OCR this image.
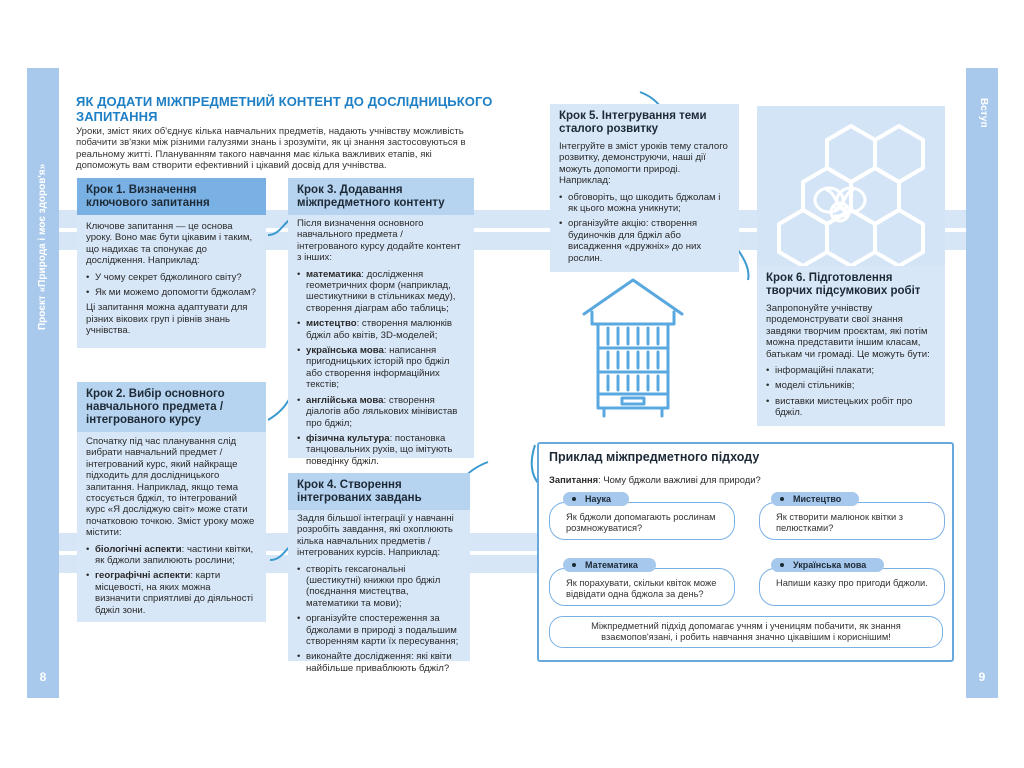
Проєкт «Природа і моє здоров'я»
8
Вступ
9
ЯК ДОДАТИ МІЖПРЕДМЕТНИЙ КОНТЕНТ ДО ДОСЛІДНИЦЬКОГО ЗАПИТАННЯ
Уроки, зміст яких об'єднує кілька навчальних предметів, надають учнівству можливість побачити зв'язки між різними галузями знань і зрозуміти, як ці знання застосовуються в реальному житті. Плануванням такого навчання має кілька важливих етапів, які допоможуть вам створити ефективний і цікавий досвід для учнівства.
Крок 1. Визначення ключового запитання

Ключове запитання — це основа уроку. Воно має бути цікавим і таким, що надихає та спонукає до дослідження. Наприклад:

• У чому секрет бджолиного світу?
• Як ми можемо допомогти бджолам?

Ці запитання можна адаптувати для різних вікових груп і рівнів знань учнівства.

Крок 2. Вибір основного навчального предмета / інтегрованого курсу

Спочатку під час планування слід вибрати навчальний предмет / інтегрований курс, який найкраще підходить для дослідницького запитання. Наприклад, якщо тема стосується бджіл, то інтегрований курс «Я досліджую світ» може стати початковою точкою. Зміст уроку може містити:

• біологічні аспекти: частини квітки, як бджоли запилюють рослини;
• географічні аспекти: карти місцевості, на яких можна визначити сприятливі до діяльності бджіл зони.
Крок 3. Додавання міжпредметного контенту

Після визначення основного навчального предмета / інтегрованого курсу додайте контент з інших:

• математика: дослідження геометричних форм (наприклад, шестикутники в стільниках меду), створення діаграм або таблиць;
• мистецтво: створення малюнків бджіл або квітів, 3D-моделей;
• українська мова: написання пригодницьких історій про бджіл або створення інформаційних текстів;
• англійська мова: створення діалогів або лялькових мінівистав про бджіл;
• фізична культура: постановка танцювальних рухів, що імітують поведінку бджіл.
Крок 4. Створення інтегрованих завдань

Задля більшої інтеграції у навчанні розробіть завдання, які охоплюють кілька навчальних предметів / інтегрованих курсів. Наприклад:

• створіть гексагональні (шестикутні) книжки про бджіл (поєднання мистецтва, математики та мови);
• організуйте спостереження за бджолами в природі з подальшим створенням карти їх пересування;
• виконайте дослідження: які квіти найбільше приваблюють бджіл?
Крок 5. Інтегрування теми сталого розвитку

Інтегруйте в зміст уроків тему сталого розвитку, демонструючи, наші дії можуть допомогти природі. Наприклад:

• обговоріть, що шкодить бджолам і як цього можна уникнути;
• організуйте акцію: створення будиночків для бджіл або висадження «дружніх» до них рослин.
Крок 6. Підготовлення творчих підсумкових робіт

Запропонуйте учнівству продемонструвати свої знання завдяки творчим проєктам, які потім можна представити іншим класам, батькам чи громаді. Це можуть бути:

• інформаційні плакати;
• моделі стільників;
• виставки мистецьких робіт про бджіл.
Приклад міжпредметного підходу
Запитання: Чому бджоли важливі для природи?
Як бджоли допомагають рослинам розмножуватися?
Наука
Як створити малюнок квітки з пелюстками?
Мистецтво
Як порахувати, скільки квіток може відвідати одна бджола за день?
Математика
Напиши казку про пригоди бджоли.
Українська мова
Міжпредметний підхід допомагає учням і ученицям побачити, як знання взаємопов'язані, і робить навчання значно цікавішим і кориснішим!
